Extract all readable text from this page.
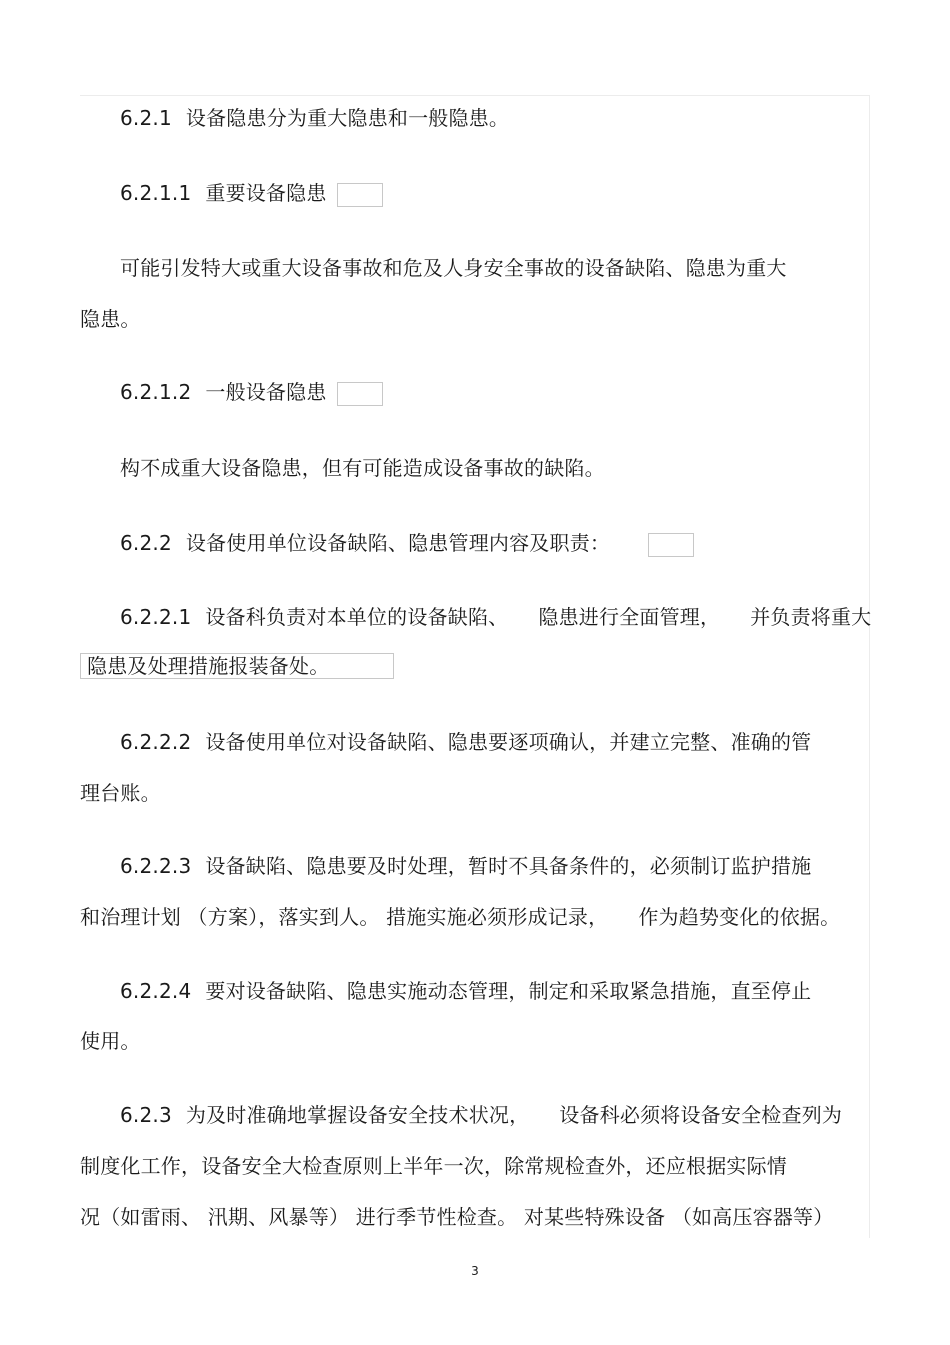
6.2.1 设备隐患分为重大隐患和一般隐患。
6.2.1.1 重要设备隐患
可能引发特大或重大设备事故和危及人身安全事故的设备缺陷、隐患为重大
隐患。
6.2.1.2 一般设备隐患
构不成重大设备隐患，但有可能造成设备事故的缺陷。
6.2.2 设备使用单位设备缺陷、隐患管理内容及职责：
6.2.2.1 设备科负责对本单位的设备缺陷、 隐患进行全面管理， 并负责将重大
隐患及处理措施报装备处。
6.2.2.2 设备使用单位对设备缺陷、隐患要逐项确认，并建立完整、准确的管
理台账。
6.2.2.3 设备缺陷、隐患要及时处理，暂时不具备条件的，必须制订监护措施
和治理计划 （方案），落实到人。 措施实施必须形成记录， 作为趋势变化的依据。
6.2.2.4 要对设备缺陷、隐患实施动态管理，制定和采取紧急措施，直至停止
使用。
6.2.3 为及时准确地掌握设备安全技术状况， 设备科必须将设备安全检查列为
制度化工作，设备安全大检查原则上半年一次，除常规检查外，还应根据实际情
况（如雷雨、 汛期、风暴等） 进行季节性检查。 对某些特殊设备 （如高压容器等）
3
